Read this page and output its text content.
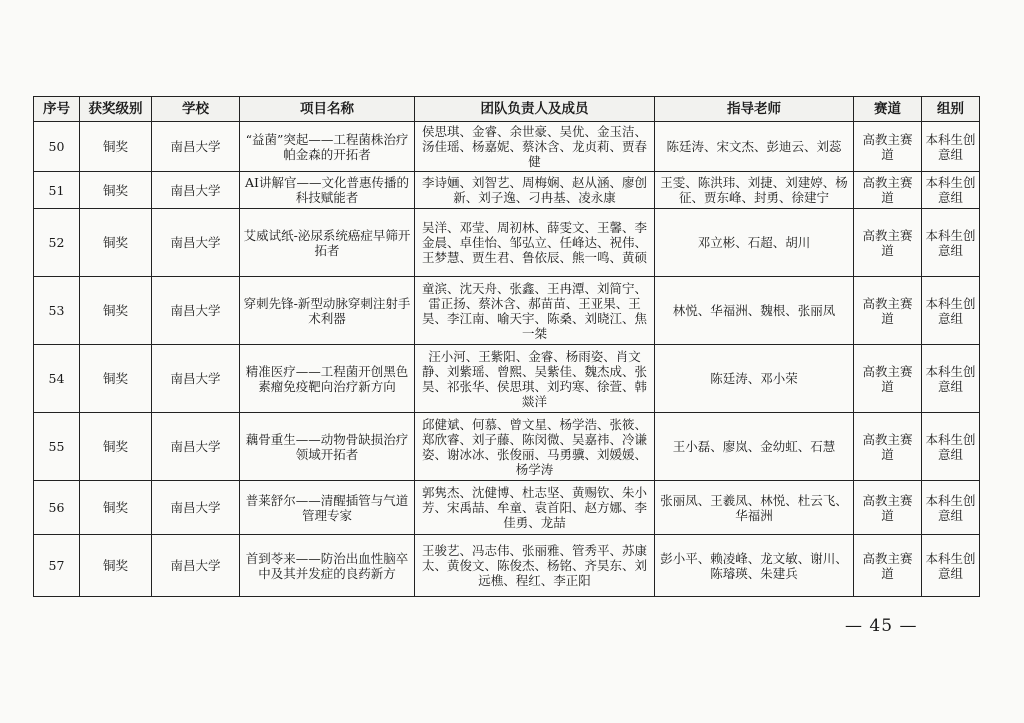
序号	获奖级别	学校	项目名称	团队负责人及成员	指导老师	赛道	组别
50	铜奖	南昌大学	“益菌”突起——工程菌株治疗帕金森的开拓者	侯思琪、金睿、余世豪、吴优、金玉洁、汤佳瑶、杨嘉妮、蔡沐含、龙贞莉、贾春健	陈廷涛、宋文杰、彭迪云、刘蕊	高教主赛道	本科生创意组
51	铜奖	南昌大学	AI讲解官——文化普惠传播的科技赋能者	李诗婳、刘智艺、周梅娴、赵从涵、廖创新、刘子逸、刁冉基、凌永康	王雯、陈洪玮、刘捷、刘建婷、杨征、贾东峰、封勇、徐建宁	高教主赛道	本科生创意组
52	铜奖	南昌大学	艾威试纸-泌尿系统癌症早筛开拓者	吴洋、邓莹、周初林、薛雯文、王馨、李金晨、卓佳怡、邹弘立、任峰达、祝伟、王梦慧、贾生君、鲁依辰、熊一鸣、黄硕	邓立彬、石超、胡川	高教主赛道	本科生创意组
53	铜奖	南昌大学	穿刺先锋-新型动脉穿刺注射手术利器	童滨、沈天舟、张鑫、王冉潭、刘简宁、雷正扬、蔡沐含、郝苗苗、王亚果、王昊、李江南、喻天宇、陈桑、刘晓江、焦一桀	林悦、华福洲、魏根、张丽凤	高教主赛道	本科生创意组
54	铜奖	南昌大学	精准医疗——工程菌开创黑色素瘤免疫靶向治疗新方向	汪小河、王紫阳、金睿、杨雨姿、肖文静、刘紫瑶、曾熙、吴紫佳、魏杰成、张昊、祁张华、侯思琪、刘玓寒、徐萱、韩燚洋	陈廷涛、邓小荣	高教主赛道	本科生创意组
55	铜奖	南昌大学	藕骨重生——动物骨缺损治疗领域开拓者	邱健斌、何慕、曾文星、杨学浩、张筱、郑欣睿、刘子藤、陈闵微、吴嘉祎、冷谦姿、谢冰冰、张俊丽、马勇骥、刘媛媛、杨学涛	王小磊、廖岚、金幼虹、石慧	高教主赛道	本科生创意组
56	铜奖	南昌大学	普莱舒尔——清醒插管与气道管理专家	郭隽杰、沈健博、杜志坚、黄赐钦、朱小芳、宋禹喆、牟童、袁首阳、赵方娜、李佳勇、龙喆	张丽凤、王羲凤、林悦、杜云飞、华福洲	高教主赛道	本科生创意组
57	铜奖	南昌大学	首到苓来——防治出血性脑卒中及其并发症的良药新方	王骏艺、冯志伟、张丽雅、管秀平、苏康太、黄俊文、陈俊杰、杨铭、齐昊东、刘远樵、程红、李正阳	彭小平、赖凌峰、龙文敏、谢川、陈璿瑛、朱建兵	高教主赛道	本科生创意组
— 45 —
